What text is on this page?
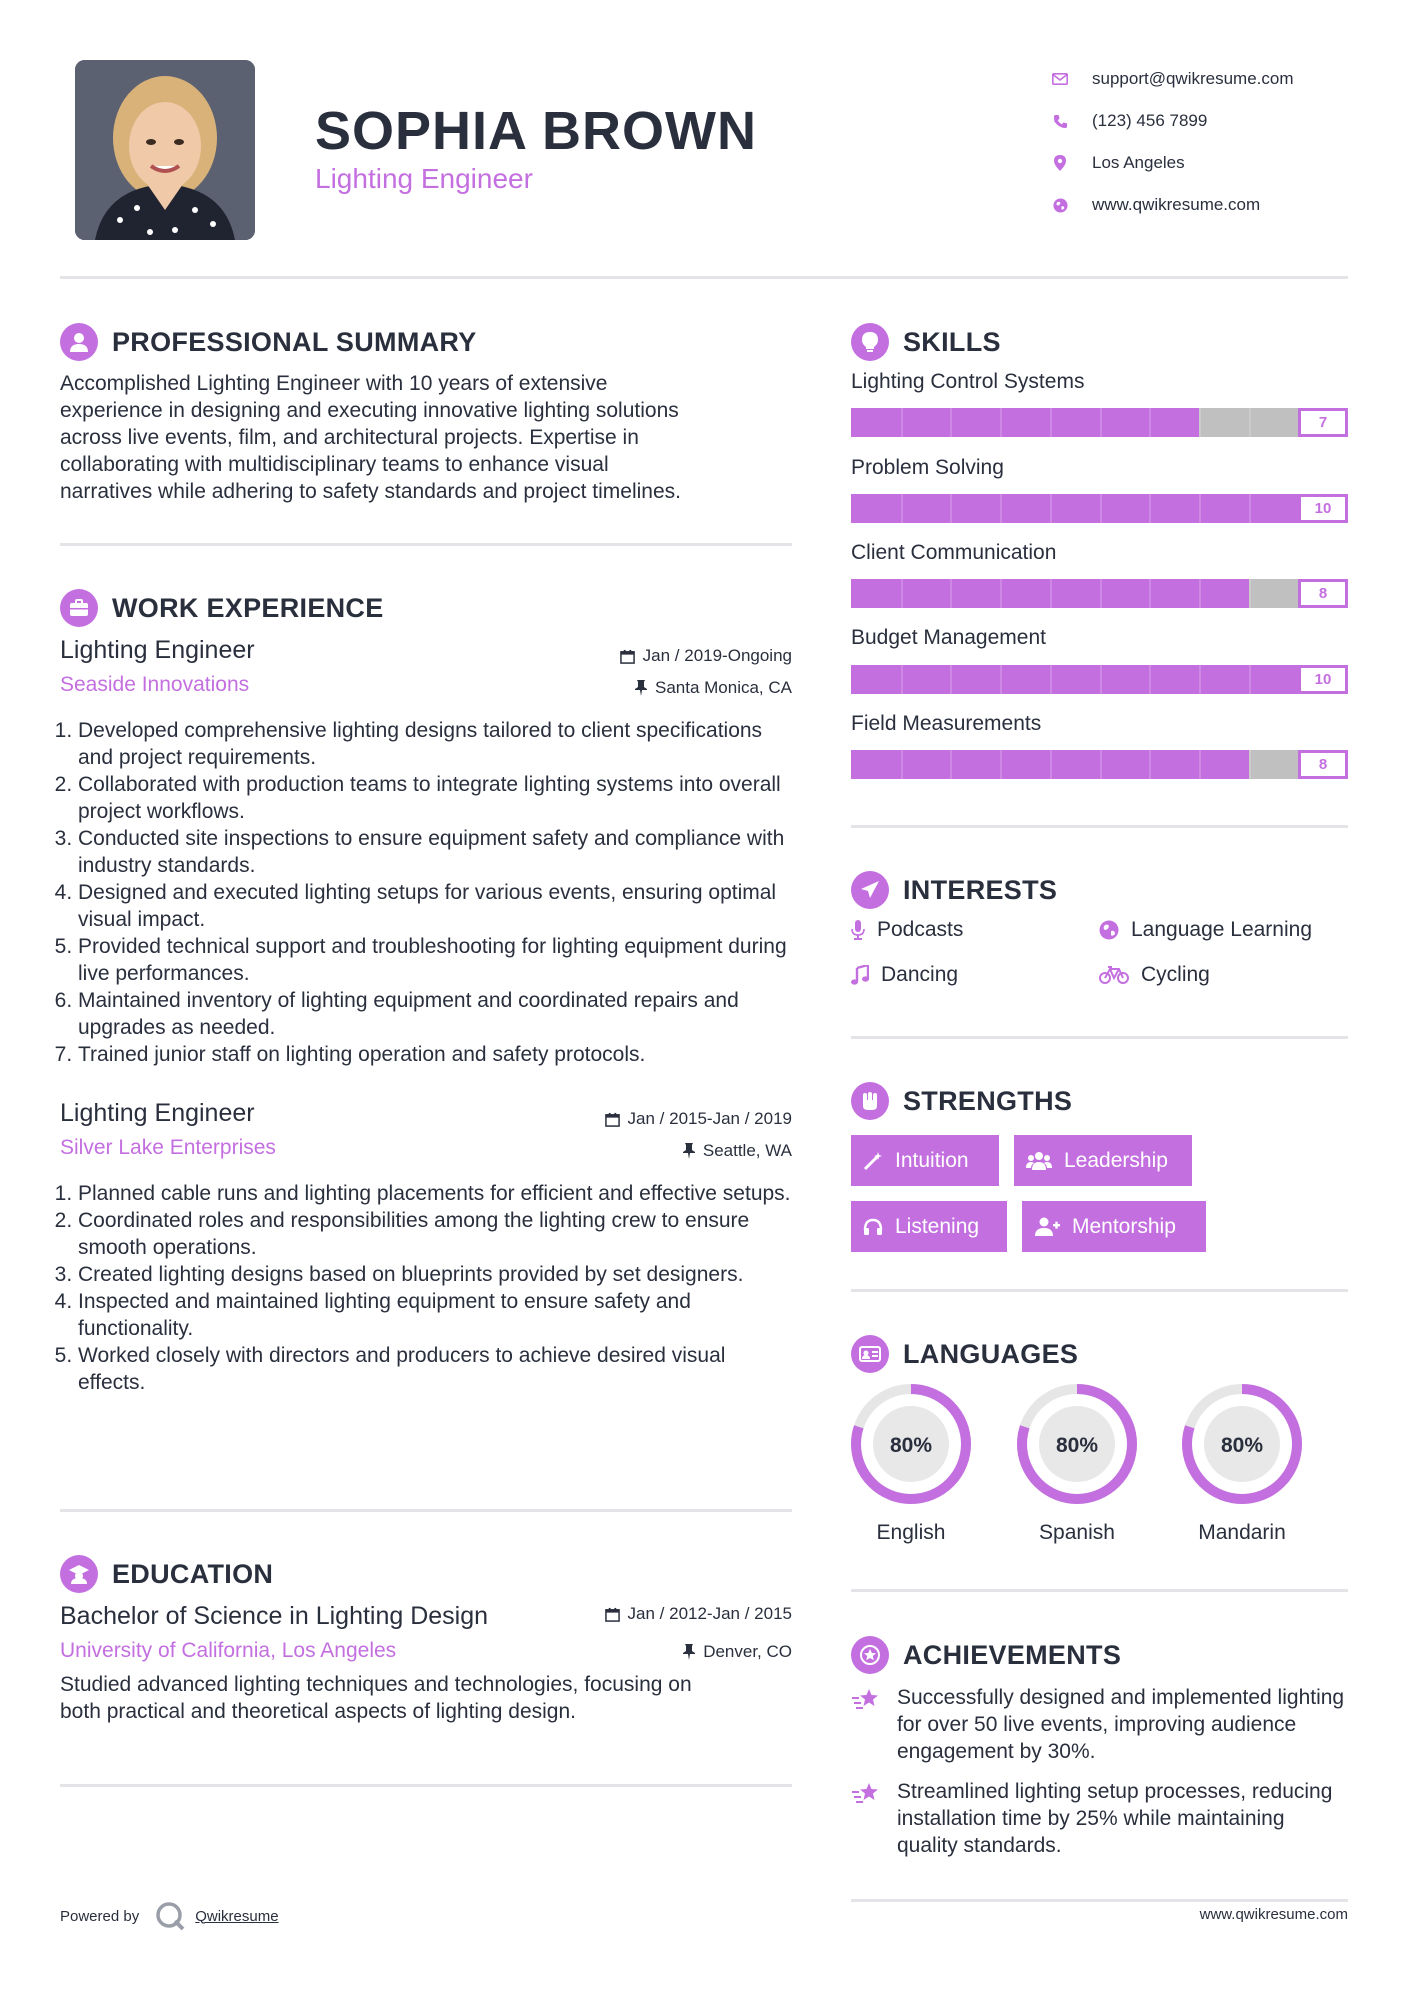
SOPHIA BROWN
Lighting Engineer
support@qwikresume.com
(123) 456 7899
Los Angeles
www.qwikresume.com
PROFESSIONAL SUMMARY
Accomplished Lighting Engineer with 10 years of extensive
experience in designing and executing innovative lighting solutions
across live events, film, and architectural projects. Expertise in
collaborating with multidisciplinary teams to enhance visual
narratives while adhering to safety standards and project timelines.
WORK EXPERIENCE
Lighting Engineer
Seaside Innovations
Jan / 2019-Ongoing
Santa Monica, CA
1. Developed comprehensive lighting designs tailored to client specifications and project requirements.
2. Collaborated with production teams to integrate lighting systems into overall project workflows.
3. Conducted site inspections to ensure equipment safety and compliance with industry standards.
4. Designed and executed lighting setups for various events, ensuring optimal visual impact.
5. Provided technical support and troubleshooting for lighting equipment during live performances.
6. Maintained inventory of lighting equipment and coordinated repairs and upgrades as needed.
7. Trained junior staff on lighting operation and safety protocols.
Lighting Engineer
Silver Lake Enterprises
Jan / 2015-Jan / 2019
Seattle, WA
1. Planned cable runs and lighting placements for efficient and effective setups.
2. Coordinated roles and responsibilities among the lighting crew to ensure smooth operations.
3. Created lighting designs based on blueprints provided by set designers.
4. Inspected and maintained lighting equipment to ensure safety and functionality.
5. Worked closely with directors and producers to achieve desired visual effects.
EDUCATION
Bachelor of Science in Lighting Design
University of California, Los Angeles
Jan / 2012-Jan / 2015
Denver, CO
Studied advanced lighting techniques and technologies, focusing on
both practical and theoretical aspects of lighting design.
SKILLS
Lighting Control Systems
7
Problem Solving
10
Client Communication
8
Budget Management
10
Field Measurements
8
INTERESTS
Podcasts	Language Learning
Dancing	Cycling
STRENGTHS
Intuition	Leadership
Listening	Mentorship
LANGUAGES
80%
English
80%
Spanish
80%
Mandarin
ACHIEVEMENTS
Successfully designed and implemented lighting for over 50 live events, improving audience engagement by 30%.
Streamlined lighting setup processes, reducing installation time by 25% while maintaining quality standards.
Powered by	Qwikresume	www.qwikresume.com
